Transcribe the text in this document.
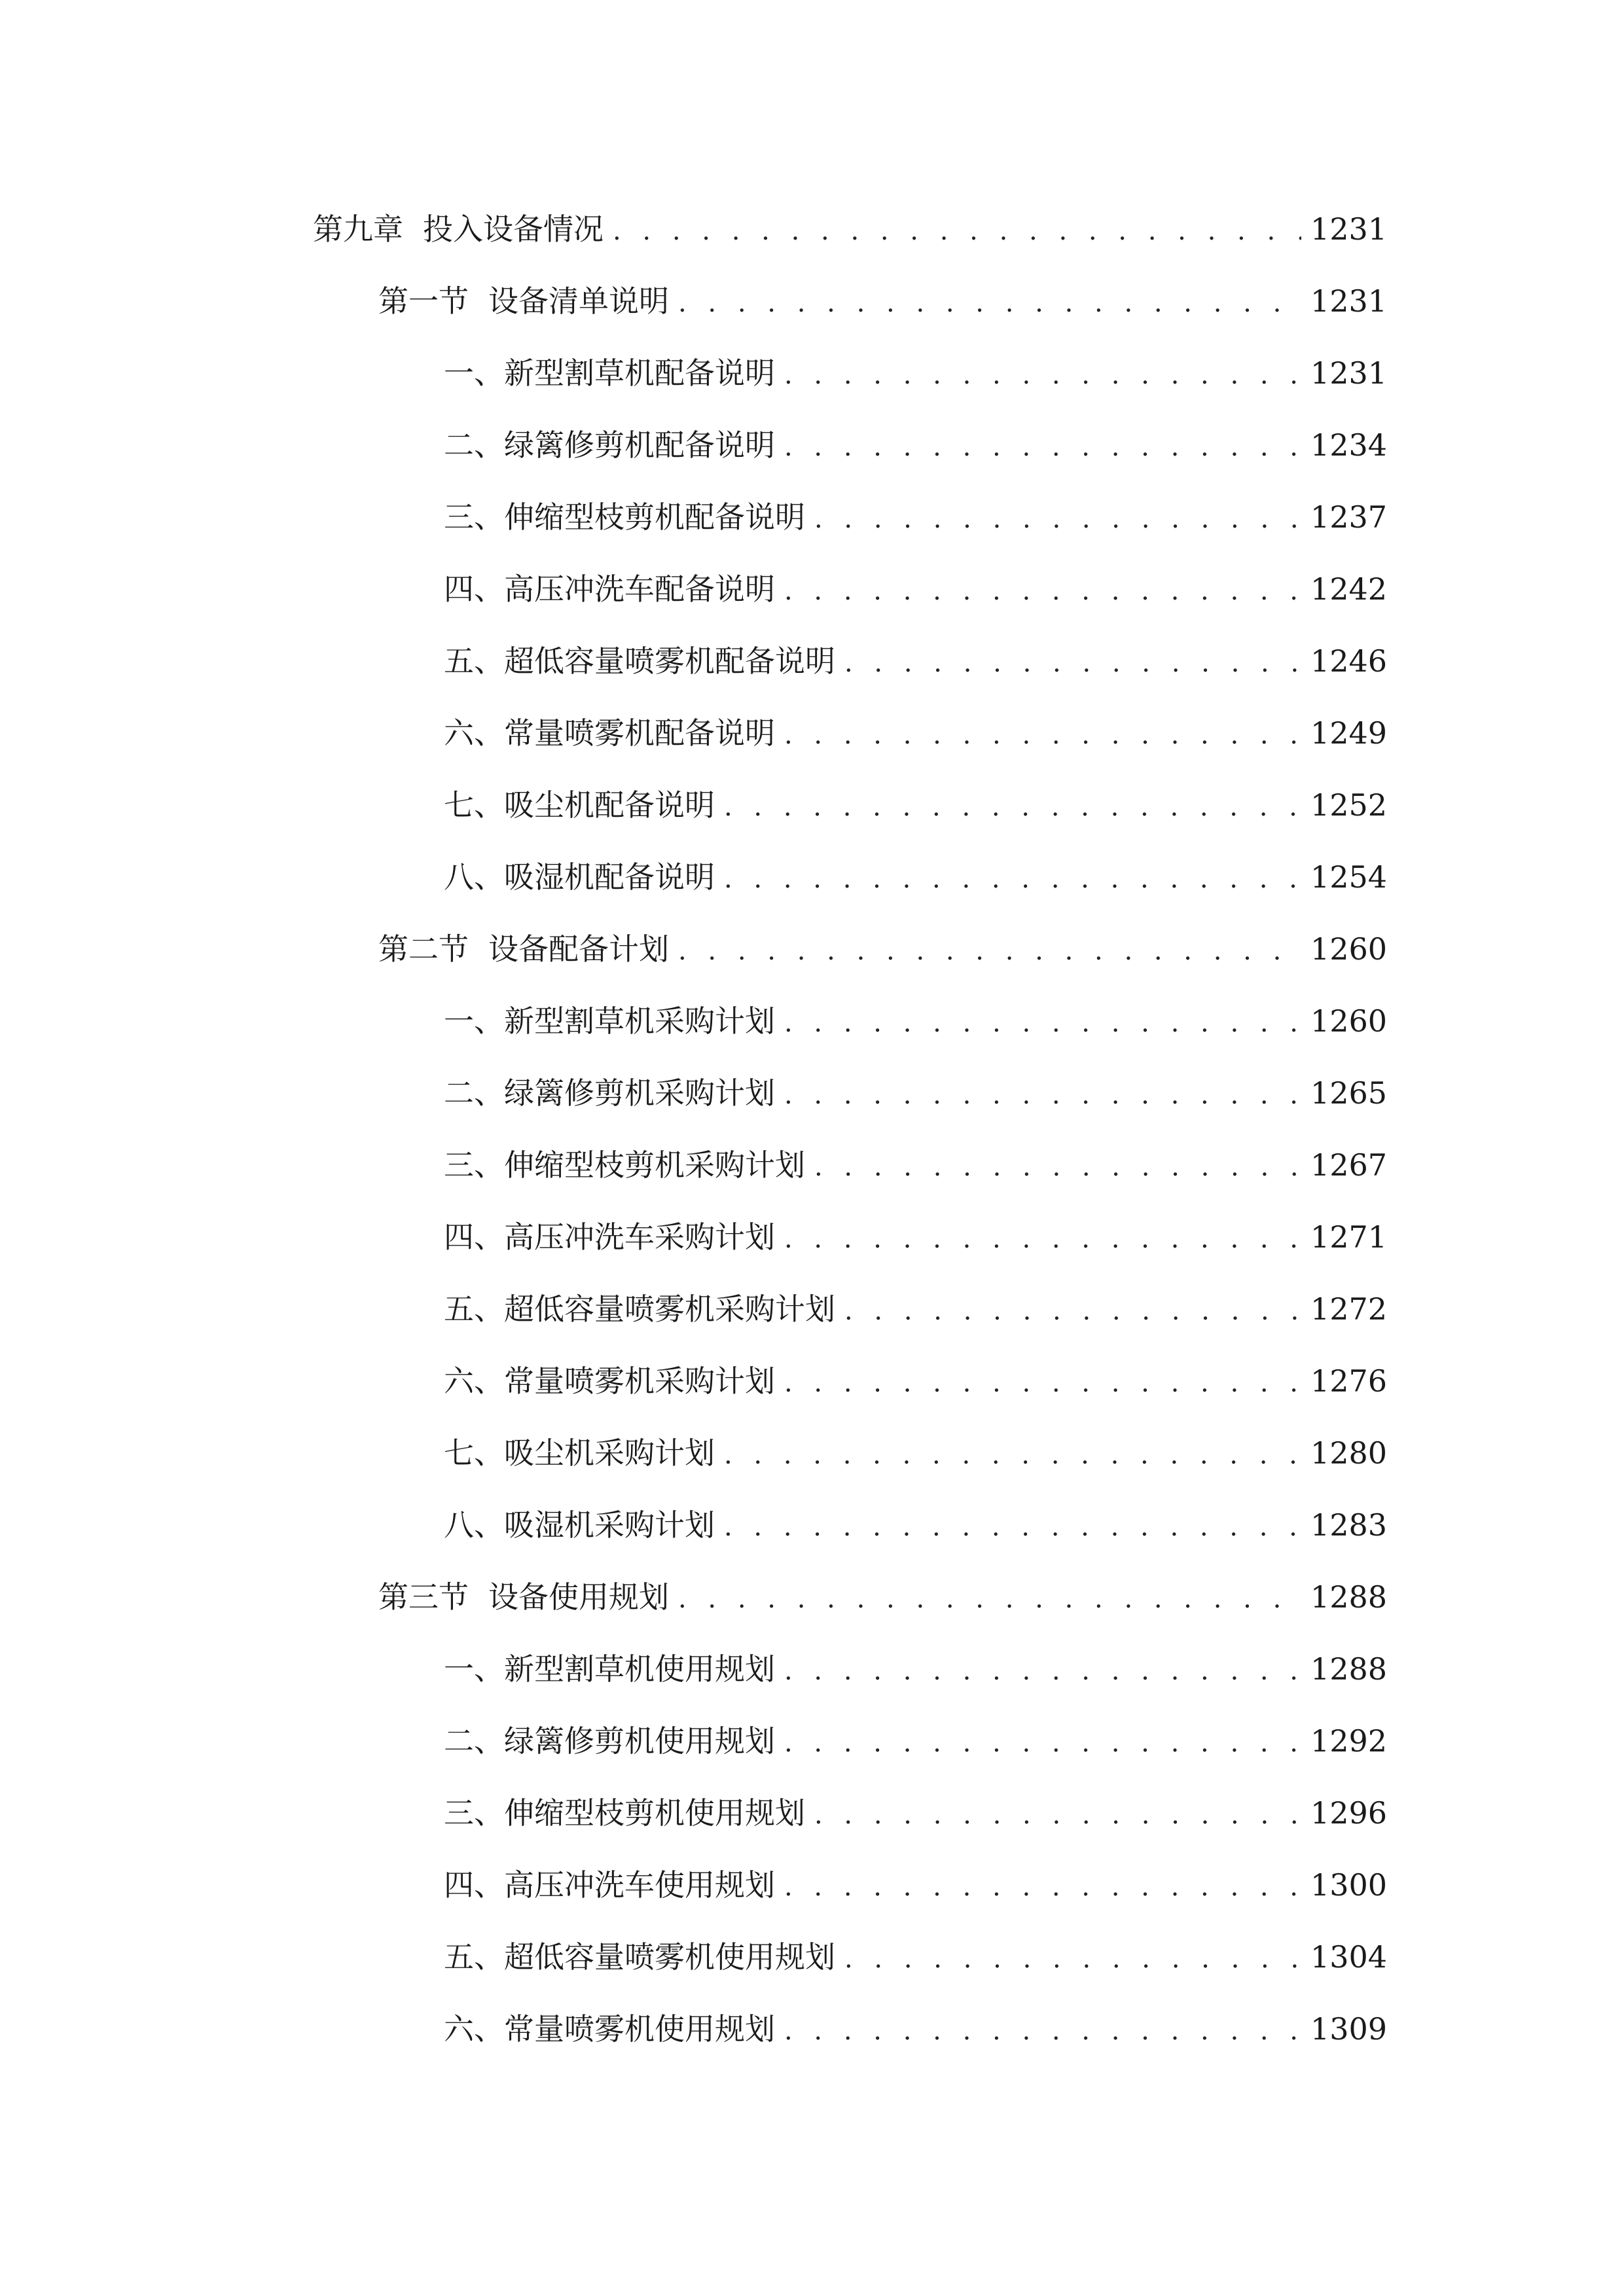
第九章 投入设备情况 . . .	1231
第一节 设备清单说明 . . .	1231
一、 新型割草机配备说明 . . .	1231
二、 绿篱修剪机配备说明 . . .	1234
三、 伸缩型枝剪机配备说明 . . .	1237
四、 高压冲洗车配备说明 . . .	1242
五、 超低容量喷雾机配备说明 . . .	1246
六、 常量喷雾机配备说明 . . .	1249
七、 吸尘机配备说明 . . .	1252
八、 吸湿机配备说明 . . .	1254
第二节 设备配备计划 . . .	1260
一、 新型割草机采购计划 . . .	1260
二、 绿篱修剪机采购计划 . . .	1265
三、 伸缩型枝剪机采购计划 . . .	1267
四、 高压冲洗车采购计划 . . .	1271
五、 超低容量喷雾机采购计划 . . .	1272
六、 常量喷雾机采购计划 . . .	1276
七、 吸尘机采购计划 . . .	1280
八、 吸湿机采购计划 . . .	1283
第三节 设备使用规划 . . .	1288
一、 新型割草机使用规划 . . .	1288
二、 绿篱修剪机使用规划 . . .	1292
三、 伸缩型枝剪机使用规划 . . .	1296
四、 高压冲洗车使用规划 . . .	1300
五、 超低容量喷雾机使用规划 . . .	1304
六、 常量喷雾机使用规划 . . .	1309
